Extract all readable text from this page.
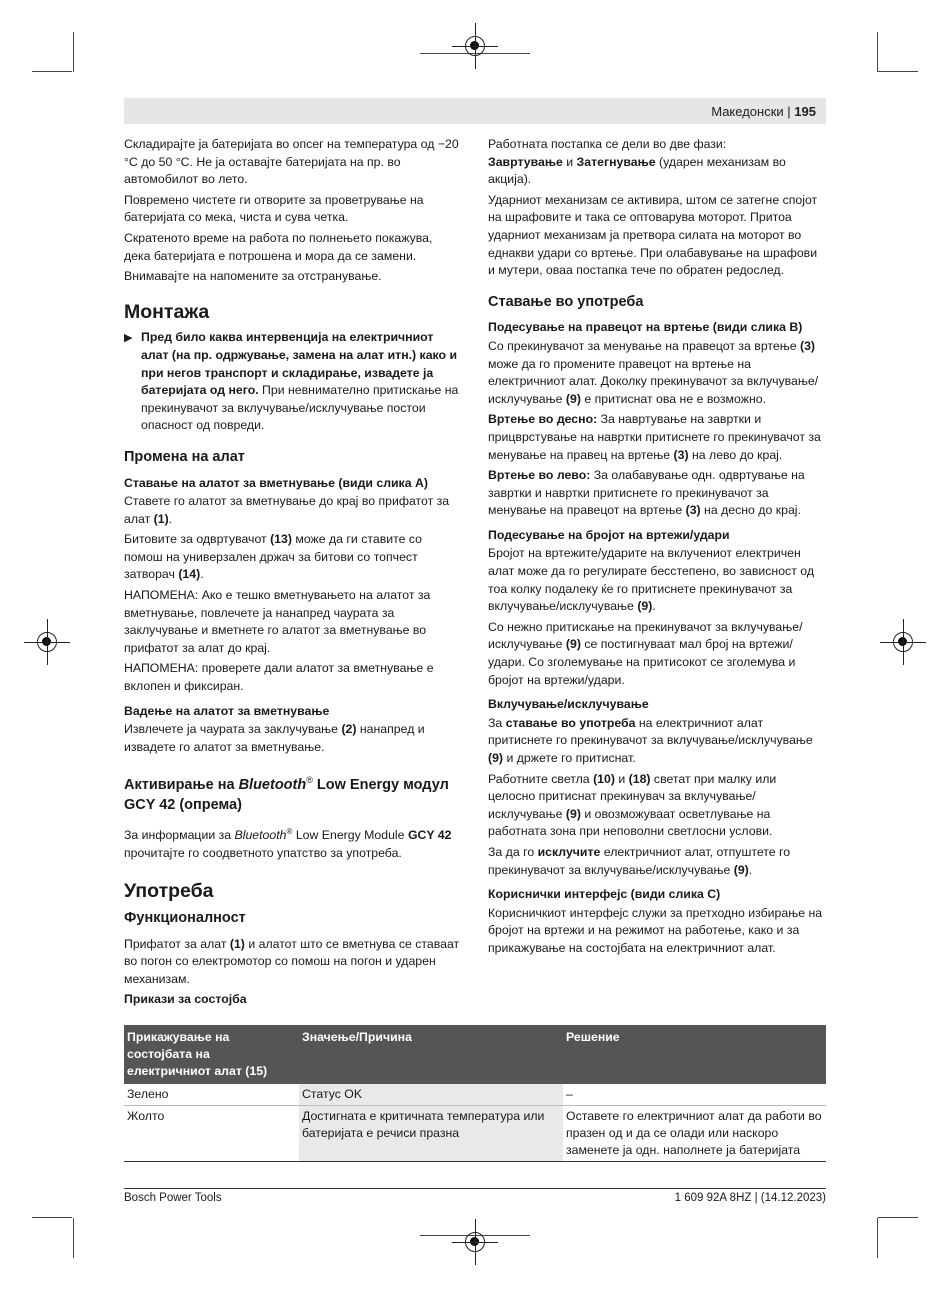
Македонски | 195

Складирајте ја батеријата во опсег на температура од −20 °C до 50 °C. Не ја оставајте батеријата на пр. во автомобилот во лето.

Повремено чистете ги отворите за проветрување на батеријата со мека, чиста и сува четка.

Скратеното време на работа по полнењето покажува, дека батеријата е потрошена и мора да се замени.

Внимавајте на напомените за отстранување.

Монтажа

▶ Пред било каква интервенција на електричниот алат (на пр. одржување, замена на алат итн.) како и при негов транспорт и складирање, извадете ја батеријата од него. При невнимателно притискање на прекинувачот за вклучување/исклучување постои опасност од повреди.

Промена на алат
Ставање на алатот за вметнување (види слика A)

Ставете го алатот за вметнување до крај во прифатот за алат (1).

Битовите за одвртувачот (13) може да ги ставите со помош на универзален држач за битови со топчест затворач (14).

НАПОМЕНА: Ако е тешко вметнувањето на алатот за вметнување, повлечете ја нанапред чаурата за заклучување и вметнете го алатот за вметнување во прифатот за алат до крај.

НАПОМЕНА: проверете дали алатот за вметнување е вклопен и фиксиран.

Вадење на алатот за вметнување

Извлечете ја чаурата за заклучување (2) нанапред и извадете го алатот за вметнување.

Активирање на Bluetooth® Low Energy модул GCY 42 (опрема)

За информации за Bluetooth® Low Energy Module GCY 42 прочитајте го соодветното упатство за употреба.

Употреба
Функционалност

Прифатот за алат (1) и алатот што се вметнува се ставаат во погон со електромотор со помош на погон и ударен механизам.

Прикази за состојба

Работната постапка се дели во две фази:
Завртување и Затегнување (ударен механизам во акција).

Ударниот механизам се активира, штом се затегне спојот на шрафовите и така се оптоварува моторот. Притоа ударниот механизам ја претвора силата на моторот во еднакви удари со вртење. При олабавување на шрафови и мутери, оваа постапка тече по обратен редослед.

Ставање во употреба
Подесување на правецот на вртење (види слика B)

Со прекинувачот за менување на правецот за вртење (3) може да го промените правецот на вртење на електричниот алат. Доколку прекинувачот за вклучување/исклучување (9) е притиснат ова не е возможно.

Вртење во десно: За навртување на завртки и прицврстување на навртки притиснете го прекинувачот за менување на правец на вртење (3) на лево до крај.

Вртење во лево: За олабавување одн. одвртување на завртки и навртки притиснете го прекинувачот за менување на правецот на вртење (3) на десно до крај.

Подесување на бројот на вртежи/удари

Бројот на вртежите/ударите на вклучениот електричен алат може да го регулирате бесстепено, во зависност од тоа колку подалеку ќе го притиснете прекинувачот за вклучување/исклучување (9).

Со нежно притискање на прекинувачот за вклучување/исклучување (9) се постигнуваат мал број на вртежи/удари. Со зголемување на притисокот се зголемува и бројот на вртежи/удари.

Вклучување/исклучување

За ставање во употреба на електричниот алат притиснете го прекинувачот за вклучување/исклучување (9) и држете го притиснат.

Работните светла (10) и (18) светат при малку или целосно притиснат прекинувач за вклучување/исклучување (9) и овозможуваат осветлување на работната зона при неповолни светлосни услови.

За да го исклучите електричниот алат, отпуштете го прекинувачот за вклучување/исклучување (9).

Кориснички интерфејс (види слика C)

Корисничкиот интерфејс служи за претходно избирање на бројот на вртежи и на режимот на работење, како и за прикажување на состојбата на електричниот алат.

Прикажување на состојбата на електричниот алат (15)	Значење/Причина	Решение
Зелено	Статус OK	–
Жолто	Достигната е критичната температура или батеријата е речиси празна	Оставете го електричниот алат да работи во празен од и да се олади или наскоро заменете ја одн. наполнете ја батеријата
Bosch Power Tools	1 609 92A 8HZ | (14.12.2023)
